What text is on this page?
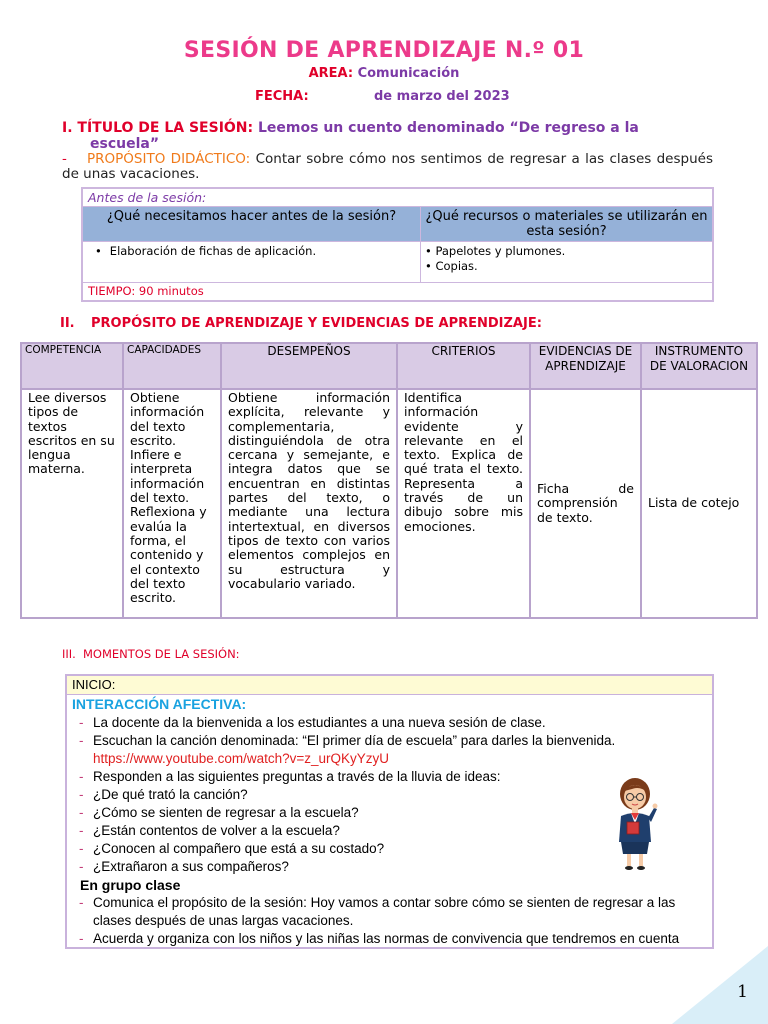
SESIÓN DE APRENDIZAJE N.º 01
AREA: Comunicación
FECHA:	de marzo del 2023
I. TÍTULO DE LA SESIÓN: Leemos un cuento denominado “De regreso a la
escuela”
- PROPÓSITO DIDÁCTICO: Contar sobre cómo nos sentimos de regresar a las clases después de unas vacaciones.
Antes de la sesión:
¿Qué necesitamos hacer antes de la sesión?	¿Qué recursos o materiales se utilizarán en esta sesión?
• Elaboración de fichas de aplicación.	• Papelotes y plumones.
• Copias.
TIEMPO: 90 minutos
II. PROPÓSITO DE APRENDIZAJE Y EVIDENCIAS DE APRENDIZAJE:
COMPETENCIA	CAPACIDADES	DESEMPEÑOS	CRITERIOS	EVIDENCIAS DE APRENDIZAJE	INSTRUMENTO DE VALORACION
Lee diversos tipos de textos escritos en su lengua materna.	Obtiene información del texto escrito. Infiere e interpreta información del texto. Reflexiona y evalúa la forma, el contenido y el contexto del texto escrito.	Obtiene información explícita, relevante y complementaria, distinguiéndola de otra cercana y semejante, e integra datos que se encuentran en distintas partes del texto, o mediante una lectura intertextual, en diversos tipos de texto con varios elementos complejos en su estructura y vocabulario variado.	Identifica información evidente y relevante en el texto. Explica de qué trata el texto. Representa a través de un dibujo sobre mis emociones.	Ficha de comprensión de texto.	Lista de cotejo
III. MOMENTOS DE LA SESIÓN:
INICIO:
INTERACCIÓN AFECTIVA:
- La docente da la bienvenida a los estudiantes a una nueva sesión de clase.
- Escuchan la canción denominada: “El primer día de escuela” para darles la bienvenida.
https://www.youtube.com/watch?v=z_urQKyYzyU
- Responden a las siguientes preguntas a través de la lluvia de ideas:
- ¿De qué trató la canción?
- ¿Cómo se sienten de regresar a la escuela?
- ¿Están contentos de volver a la escuela?
- ¿Conocen al compañero que está a su costado?
- ¿Extrañaron a sus compañeros?
En grupo clase
- Comunica el propósito de la sesión: Hoy vamos a contar sobre cómo se sienten de regresar a las clases después de unas largas vacaciones.
- Acuerda y organiza con los niños y las niñas las normas de convivencia que tendremos en cuenta
1
